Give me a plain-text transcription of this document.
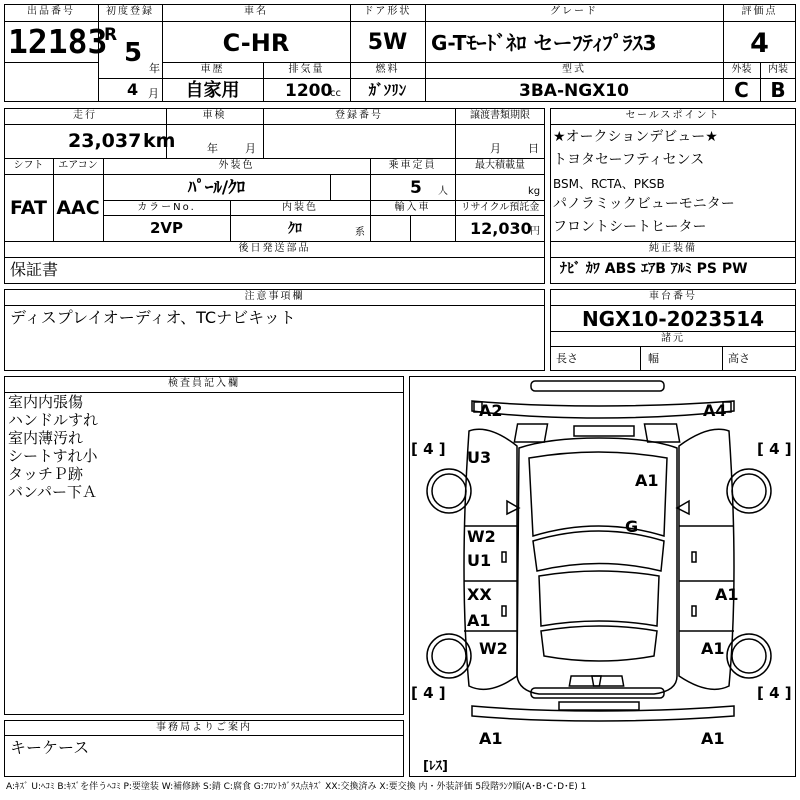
出品番号
12183
初度登録
R
5
年
4 月
車名
C-HR
ドア形状
5W
グレード
G-Tﾓｰﾄﾞﾈﾛ セーﾌﾃｨﾌﾟﾗｽ3
評価点
4
車歴
自家用
排気量
1200
cc
燃料
ｶﾞｿﾘﾝ
型式
3BA-NGX10
外装
C
内装
B
走行
23,037 km
車検
年 月
登録番号	譲渡書類期限
月 日
シフト
FAT
エアコン
AAC
外装色
ﾊﾟｰﾙ/ｸﾛ
乗車定員
5 人
最大積載量
kg
カラーNo.
2VP
内装色
ｸﾛ	系
輸入車	リサイクル預託金
12,030
円
後日発送部品
保証書
セールスポイント
★オークションデビュー★
トヨタセーフティセンス
BSM、RCTA、PKSB
パノラミックビューモニター
フロントシートヒーター
純正装備
ﾅﾋﾞ ｶﾜ ABS ｴｱB ｱﾙﾐ PS PW
注意事項欄
ディスプレイオーディオ、TCナビキット
車台番号
NGX10-2023514
諸元
長さ	幅	高さ
検査員記入欄
室内内張傷
ハンドルすれ
室内薄汚れ
シートすれ小
タッチＰ跡
バンパー下Ａ
事務局よりご案内
キーケース
A2	A4
U3
A1
G
W2
U1
XX
A1
A1
W2	A1
A1	A1
[ 4 ]	[ 4 ]
[ 4 ]	[ 4 ]
[ﾚｽ]
A:ｷｽﾞ U:ﾍｺﾐ B:ｷｽﾞを伴うﾍｺﾐ P:要塗装 W:補修跡 S:錆 C:腐食 G:ﾌﾛﾝﾄｶﾞﾗｽ点ｷｽﾞ XX:交換済み X:要交換 内・外装評価 5段階ﾗﾝｸ順(A･B･C･D･E) 1
